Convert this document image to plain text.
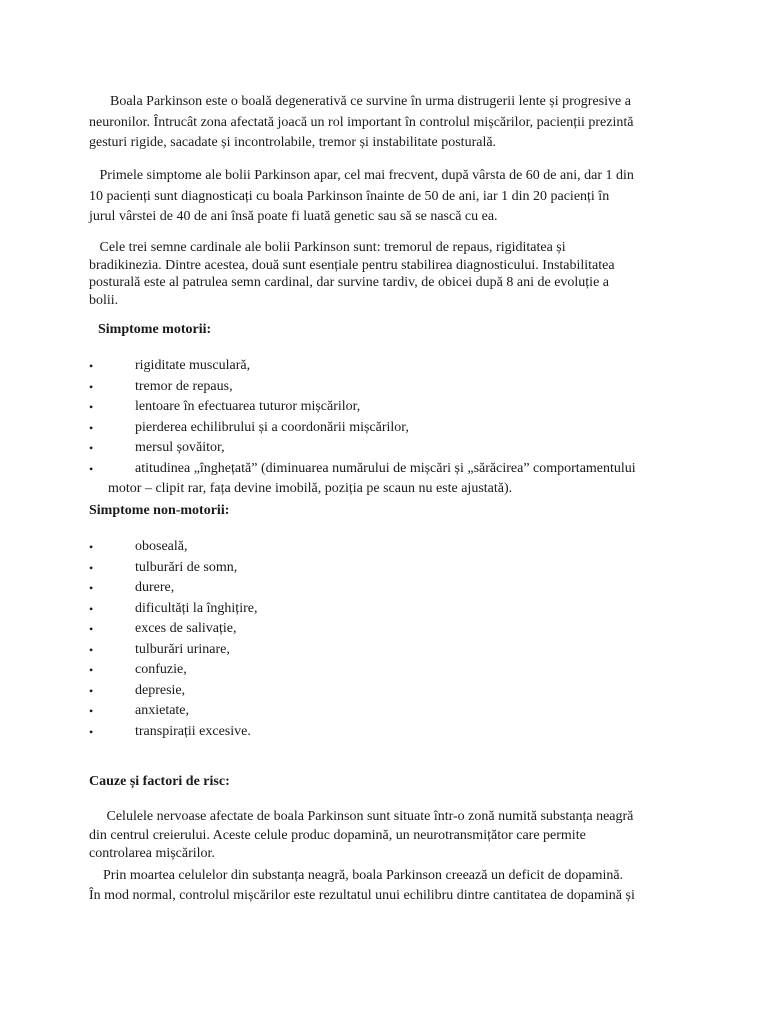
Boala Parkinson este o boală degenerativă ce survine în urma distrugerii lente și progresive a
neuronilor. Întrucât zona afectată joacă un rol important în controlul mișcărilor, pacienții prezintă
gesturi rigide, sacadate și incontrolabile, tremor și instabilitate posturală.

Primele simptome ale bolii Parkinson apar, cel mai frecvent, după vârsta de 60 de ani, dar 1 din
10 pacienți sunt diagnosticați cu boala Parkinson înainte de 50 de ani, iar 1 din 20 pacienți în
jurul vârstei de 40 de ani însă poate fi luată genetic sau să se nască cu ea.

Cele trei semne cardinale ale bolii Parkinson sunt: tremorul de repaus, rigiditatea și
bradikinezia. Dintre acestea, două sunt esențiale pentru stabilirea diagnosticului. Instabilitatea
posturală este al patrulea semn cardinal, dar survine tardiv, de obicei după 8 ani de evoluție a
bolii.

Simptome motorii:
•	rigiditate musculară,
•	tremor de repaus,
•	lentoare în efectuarea tuturor mișcărilor,
•	pierderea echilibrului și a coordonării mișcărilor,
•	mersul șovăitor,
•	atitudinea „înghețată” (diminuarea numărului de mișcări și „sărăcirea” comportamentului
motor – clipit rar, fața devine imobilă, poziția pe scaun nu este ajustată).
Simptome non-motorii:
•	oboseală,
•	tulburări de somn,
•	durere,
•	dificultăți la înghițire,
•	exces de salivație,
•	tulburări urinare,
•	confuzie,
•	depresie,
•	anxietate,
•	transpirații excesive.
Cauze și factori de risc:

Celulele nervoase afectate de boala Parkinson sunt situate într-o zonă numită substanța neagră
din centrul creierului. Aceste celule produc dopamină, un neurotransmițător care permite
controlarea mișcărilor.

Prin moartea celulelor din substanța neagră, boala Parkinson creează un deficit de dopamină.
În mod normal, controlul mișcărilor este rezultatul unui echilibru dintre cantitatea de dopamină și
